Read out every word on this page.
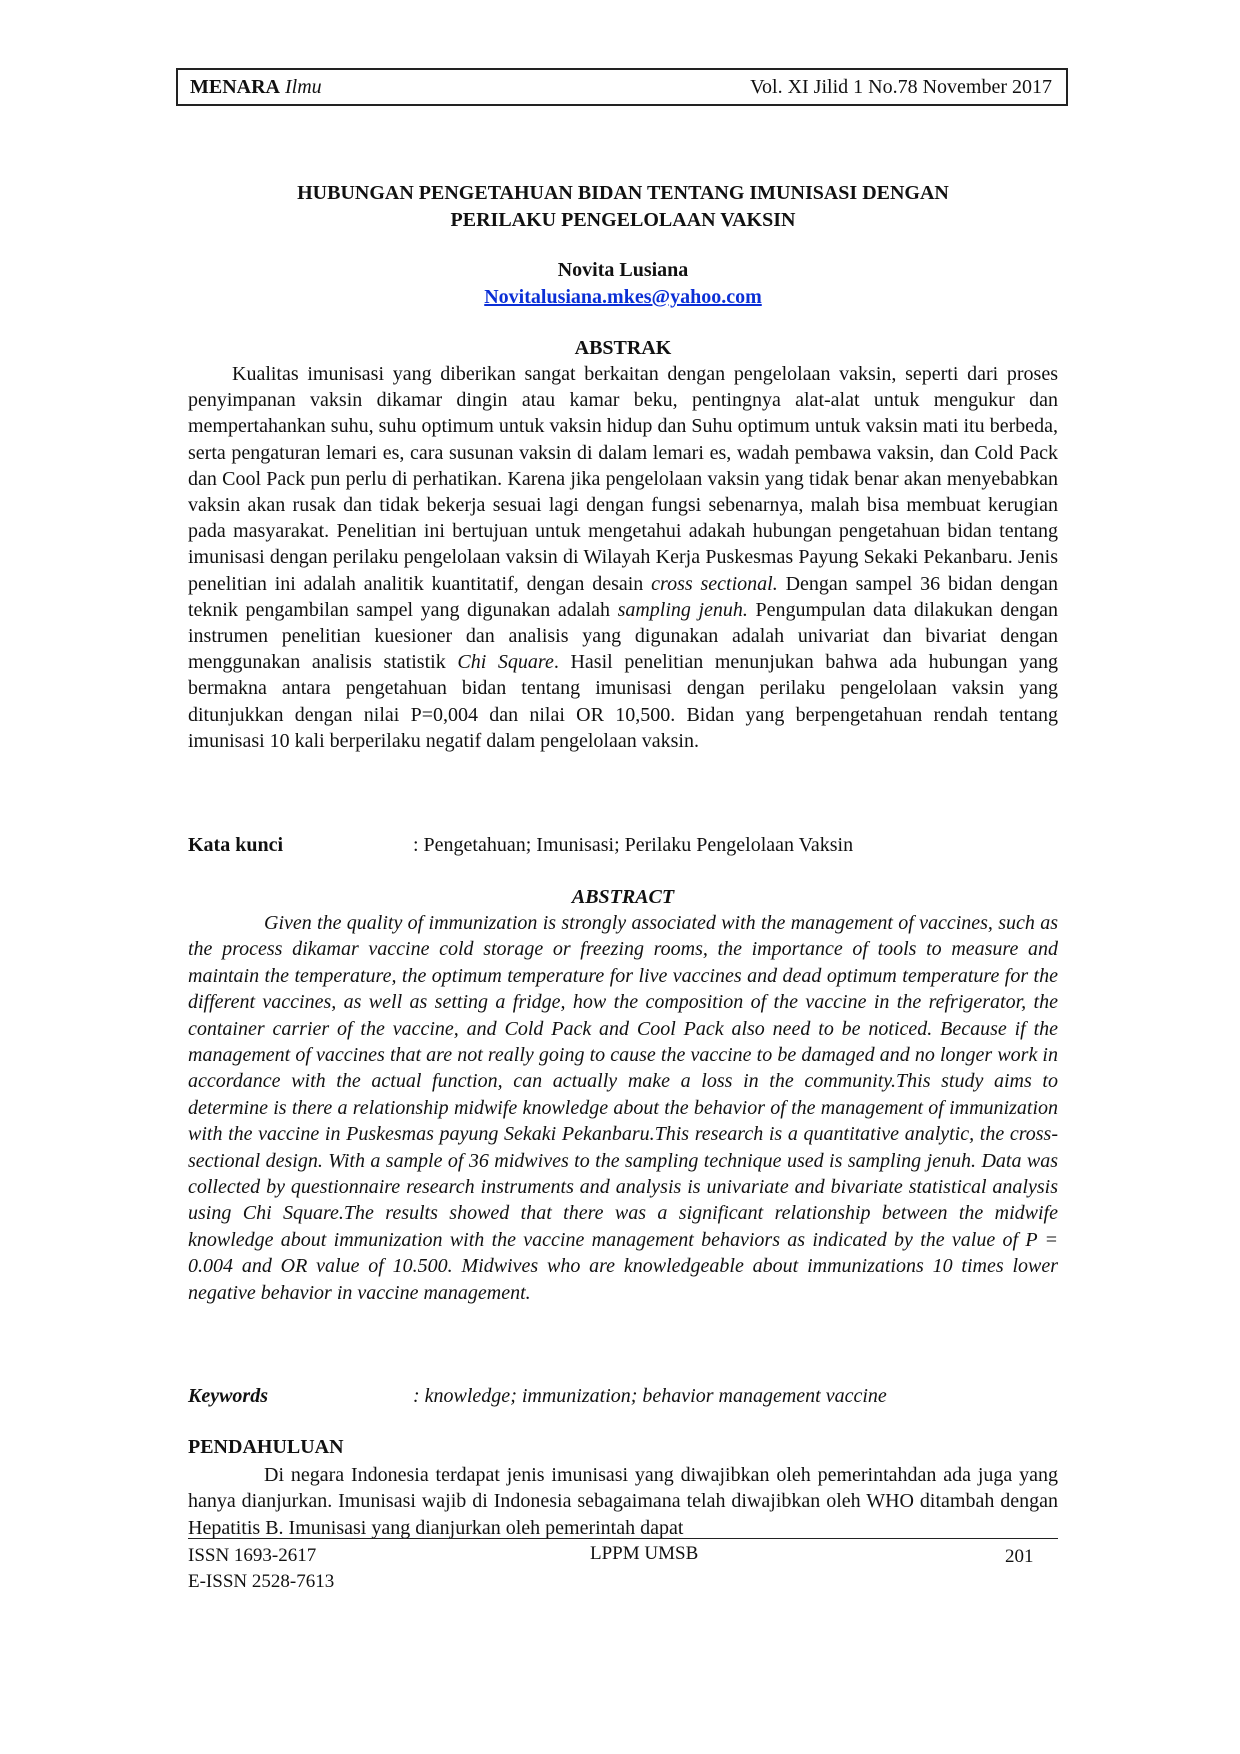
MENARA Ilmu	Vol. XI Jilid 1 No.78 November 2017
HUBUNGAN PENGETAHUAN BIDAN TENTANG IMUNISASI DENGAN
PERILAKU PENGELOLAAN VAKSIN
Novita Lusiana
Novitalusiana.mkes@yahoo.com
ABSTRAK

Kualitas imunisasi yang diberikan sangat berkaitan dengan pengelolaan vaksin, seperti dari proses penyimpanan vaksin dikamar dingin atau kamar beku, pentingnya alat-alat untuk mengukur dan mempertahankan suhu, suhu optimum untuk vaksin hidup dan Suhu optimum untuk vaksin mati itu berbeda, serta pengaturan lemari es, cara susunan vaksin di dalam lemari es, wadah pembawa vaksin, dan Cold Pack dan Cool Pack pun perlu di perhatikan. Karena jika pengelolaan vaksin yang tidak benar akan menyebabkan vaksin akan rusak dan tidak bekerja sesuai lagi dengan fungsi sebenarnya, malah bisa membuat kerugian pada masyarakat. Penelitian ini bertujuan untuk mengetahui adakah hubungan pengetahuan bidan tentang imunisasi dengan perilaku pengelolaan vaksin di Wilayah Kerja Puskesmas Payung Sekaki Pekanbaru. Jenis penelitian ini adalah analitik kuantitatif, dengan desain cross sectional. Dengan sampel 36 bidan dengan teknik pengambilan sampel yang digunakan adalah sampling jenuh. Pengumpulan data dilakukan dengan instrumen penelitian kuesioner dan analisis yang digunakan adalah univariat dan bivariat dengan menggunakan analisis statistik Chi Square. Hasil penelitian menunjukan bahwa ada hubungan yang bermakna antara pengetahuan bidan tentang imunisasi dengan perilaku pengelolaan vaksin yang ditunjukkan dengan nilai P=0,004 dan nilai OR 10,500. Bidan yang berpengetahuan rendah tentang imunisasi 10 kali berperilaku negatif dalam pengelolaan vaksin.

Kata kunci	: Pengetahuan; Imunisasi; Perilaku Pengelolaan Vaksin
ABSTRACT

Given the quality of immunization is strongly associated with the management of vaccines, such as the process dikamar vaccine cold storage or freezing rooms, the importance of tools to measure and maintain the temperature, the optimum temperature for live vaccines and dead optimum temperature for the different vaccines, as well as setting a fridge, how the composition of the vaccine in the refrigerator, the container carrier of the vaccine, and Cold Pack and Cool Pack also need to be noticed. Because if the management of vaccines that are not really going to cause the vaccine to be damaged and no longer work in accordance with the actual function, can actually make a loss in the community.This study aims to determine is there a relationship midwife knowledge about the behavior of the management of immunization with the vaccine in Puskesmas payung Sekaki Pekanbaru.This research is a quantitative analytic, the cross-sectional design. With a sample of 36 midwives to the sampling technique used is sampling jenuh. Data was collected by questionnaire research instruments and analysis is univariate and bivariate statistical analysis using Chi Square.The results showed that there was a significant relationship between the midwife knowledge about immunization with the vaccine management behaviors as indicated by the value of P = 0.004 and OR value of 10.500. Midwives who are knowledgeable about immunizations 10 times lower negative behavior in vaccine management.

Keywords	: knowledge; immunization; behavior management vaccine
PENDAHULUAN

Di negara Indonesia terdapat jenis imunisasi yang diwajibkan oleh pemerintahdan ada juga yang hanya dianjurkan. Imunisasi wajib di Indonesia sebagaimana telah diwajibkan oleh WHO ditambah dengan Hepatitis B. Imunisasi yang dianjurkan oleh pemerintah dapat

ISSN 1693-2617
E-ISSN 2528-7613
LPPM UMSB	201
